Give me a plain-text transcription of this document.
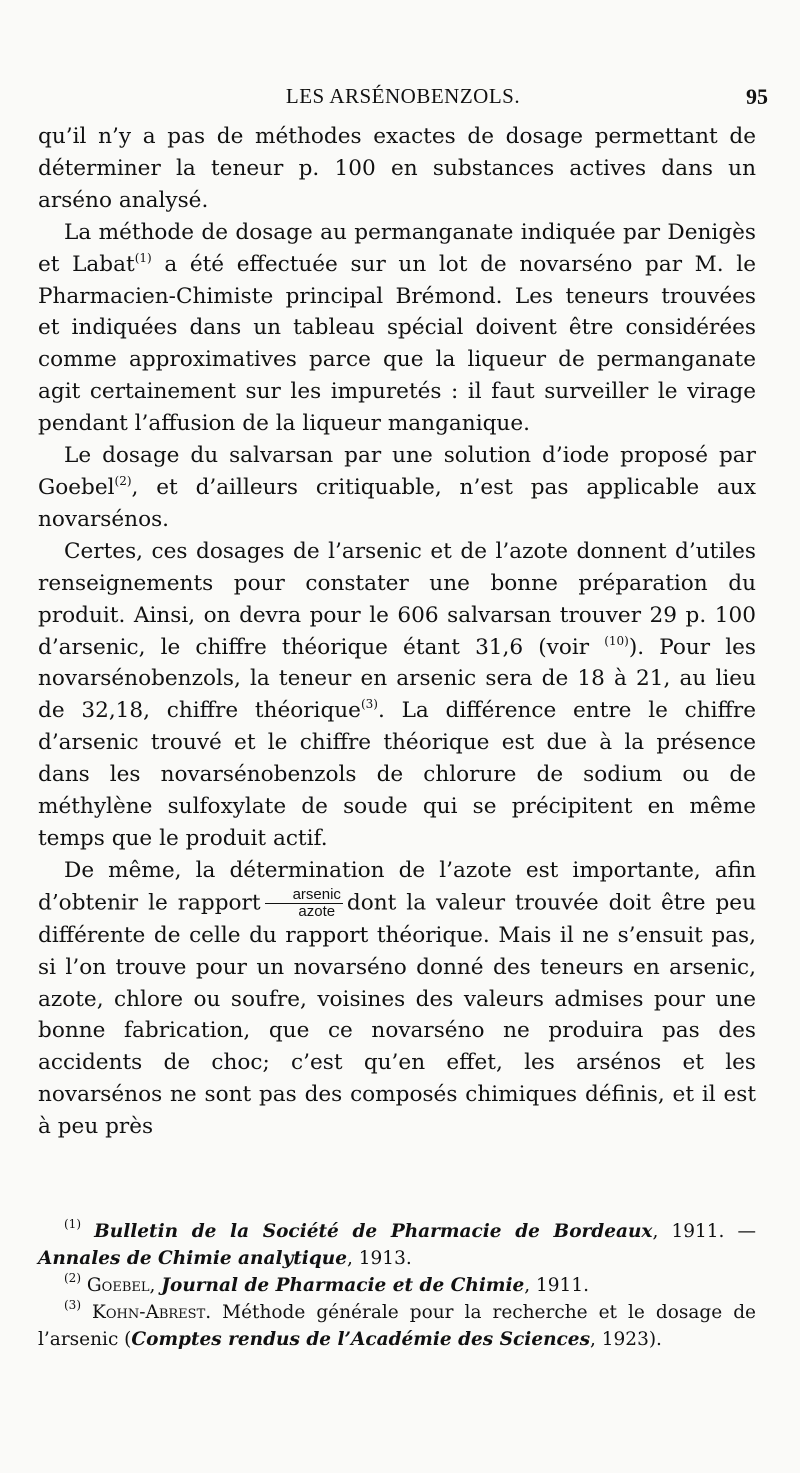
LES ARSÉNOBENZOLS.	95

qu’il n’y a pas de méthodes exactes de dosage permettant de déterminer la teneur p. 100 en substances actives dans un arséno analysé.

La méthode de dosage au permanganate indiquée par Denigès et Labat$^{(1)}$ a été effectuée sur un lot de novarséno par M. le Pharmacien-Chimiste principal Brémond. Les teneurs trouvées et indiquées dans un tableau spécial doivent être considérées comme approximatives parce que la liqueur de permanganate agit certainement sur les impuretés : il faut surveiller le virage pendant l’affusion de la liqueur manganique.

Le dosage du salvarsan par une solution d’iode proposé par Goebel$^{(2)}$, et d’ailleurs critiquable, n’est pas applicable aux novarsénos.

Certes, ces dosages de l’arsenic et de l’azote donnent d’utiles renseignements pour constater une bonne préparation du produit. Ainsi, on devra pour le 606 salvarsan trouver 29 p. 100 d’arsenic, le chiffre théorique étant 31,6 (voir $^{(10)}$). Pour les novarsénobenzols, la teneur en arsenic sera de 18 à 21, au lieu de 32,18, chiffre théorique$^{(3)}$. La différence entre le chiffre d’arsenic trouvé et le chiffre théorique est due à la présence dans les novarsénobenzols de chlorure de sodium ou de méthylène sulfoxylate de soude qui se précipitent en même temps que le produit actif.

De même, la détermination de l’azote est importante, afin d’obtenir le rapport $\frac{\text{arsenic}}{\text{azote}}$ dont la valeur trouvée doit être peu différente de celle du rapport théorique. Mais il ne s’ensuit pas, si l’on trouve pour un novarséno donné des teneurs en arsenic, azote, chlore ou soufre, voisines des valeurs admises pour une bonne fabrication, que ce novarséno ne produira pas des accidents de choc; c’est qu’en effet, les arsénos et les novarsénos ne sont pas des composés chimiques définis, et il est à peu près

$^{(1)}$ Bulletin de la Société de Pharmacie de Bordeaux, 1911. — Annales de Chimie analytique, 1913.

$^{(2)}$ Goebel, Journal de Pharmacie et de Chimie, 1911.

$^{(3)}$ Kohn-Abrest. Méthode générale pour la recherche et le dosage de l’arsenic (Comptes rendus de l’Académie des Sciences, 1923).
